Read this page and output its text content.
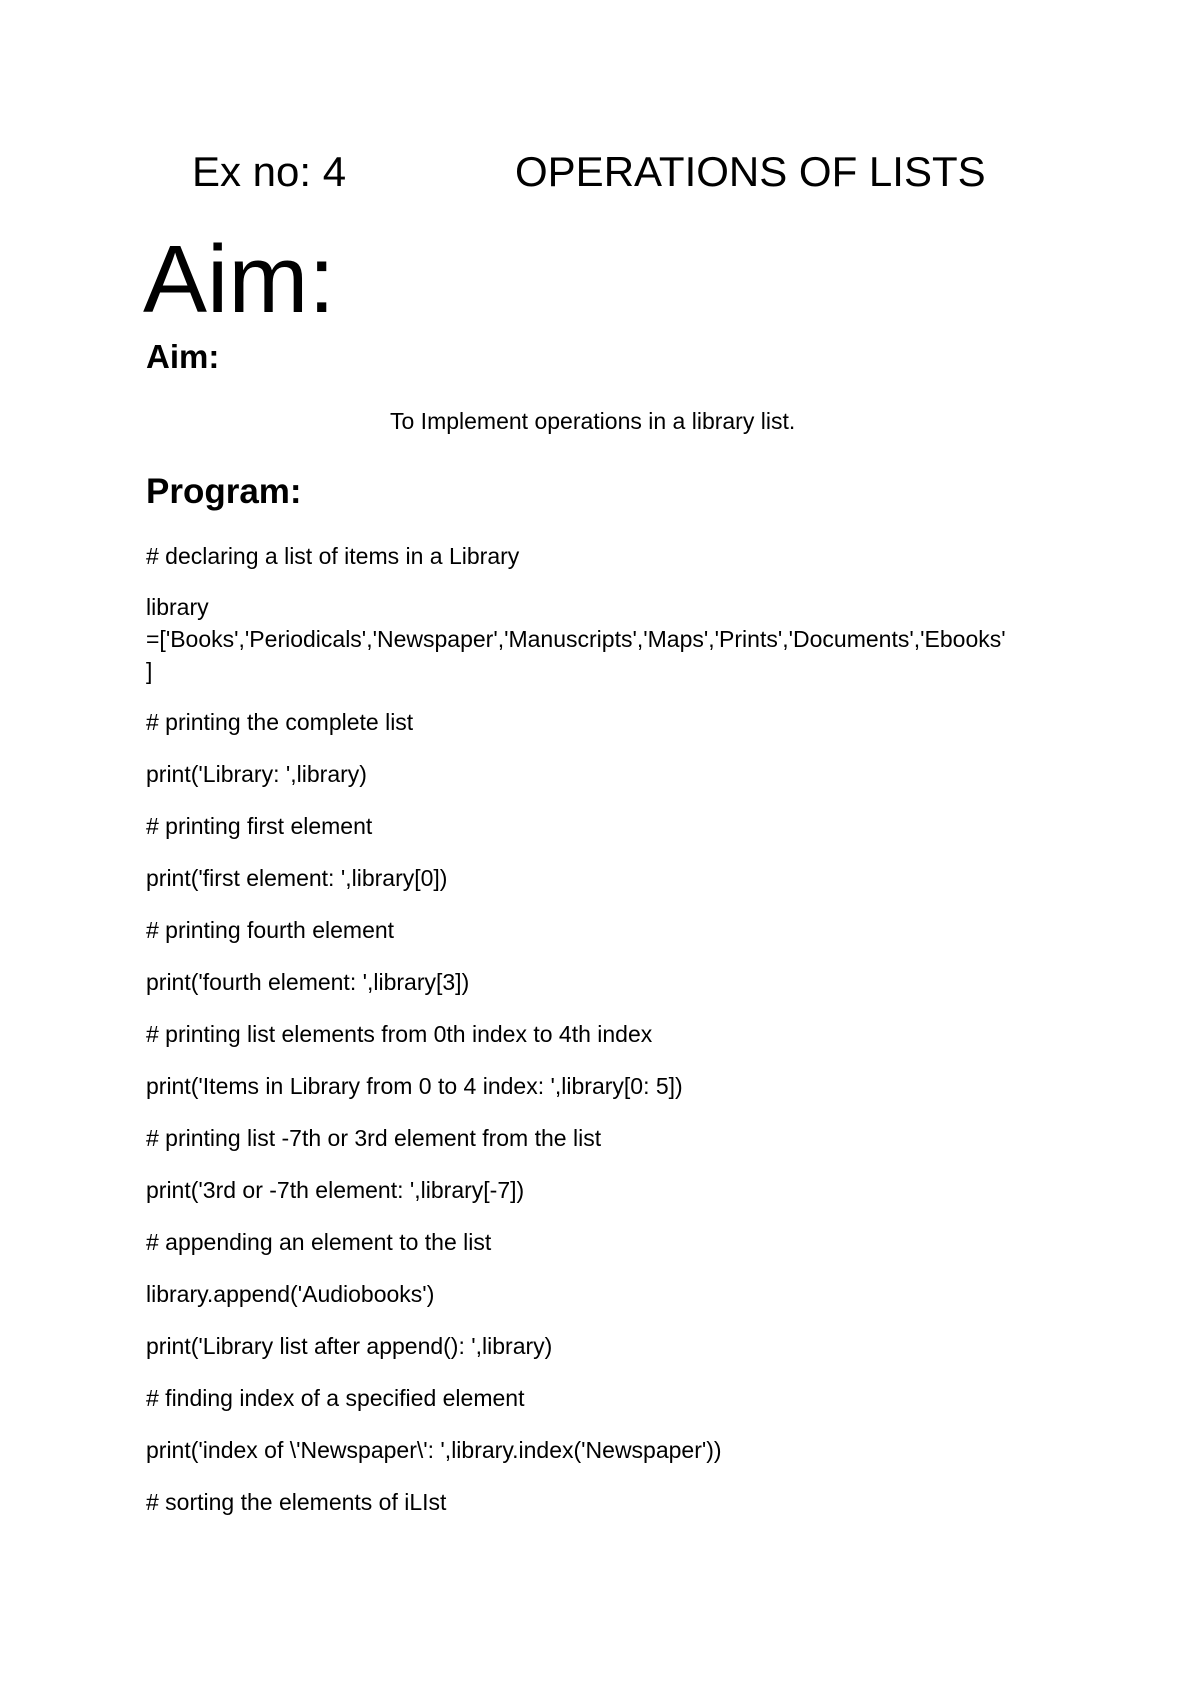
Ex no: 4	OPERATIONS OF LISTS
Aim:
Aim:
To Implement operations in a library list.
Program:
# declaring a list of items in a Library
library
=['Books','Periodicals','Newspaper','Manuscripts','Maps','Prints','Documents','Ebooks'
]
# printing the complete list
print('Library: ',library)
# printing first element
print('first element: ',library[0])
# printing fourth element
print('fourth element: ',library[3])
# printing list elements from 0th index to 4th index
print('Items in Library from 0 to 4 index: ',library[0: 5])
# printing list -7th or 3rd element from the list
print('3rd or -7th element: ',library[-7])
# appending an element to the list
library.append('Audiobooks')
print('Library list after append(): ',library)
# finding index of a specified element
print('index of \'Newspaper\': ',library.index('Newspaper'))
# sorting the elements of iLIst
